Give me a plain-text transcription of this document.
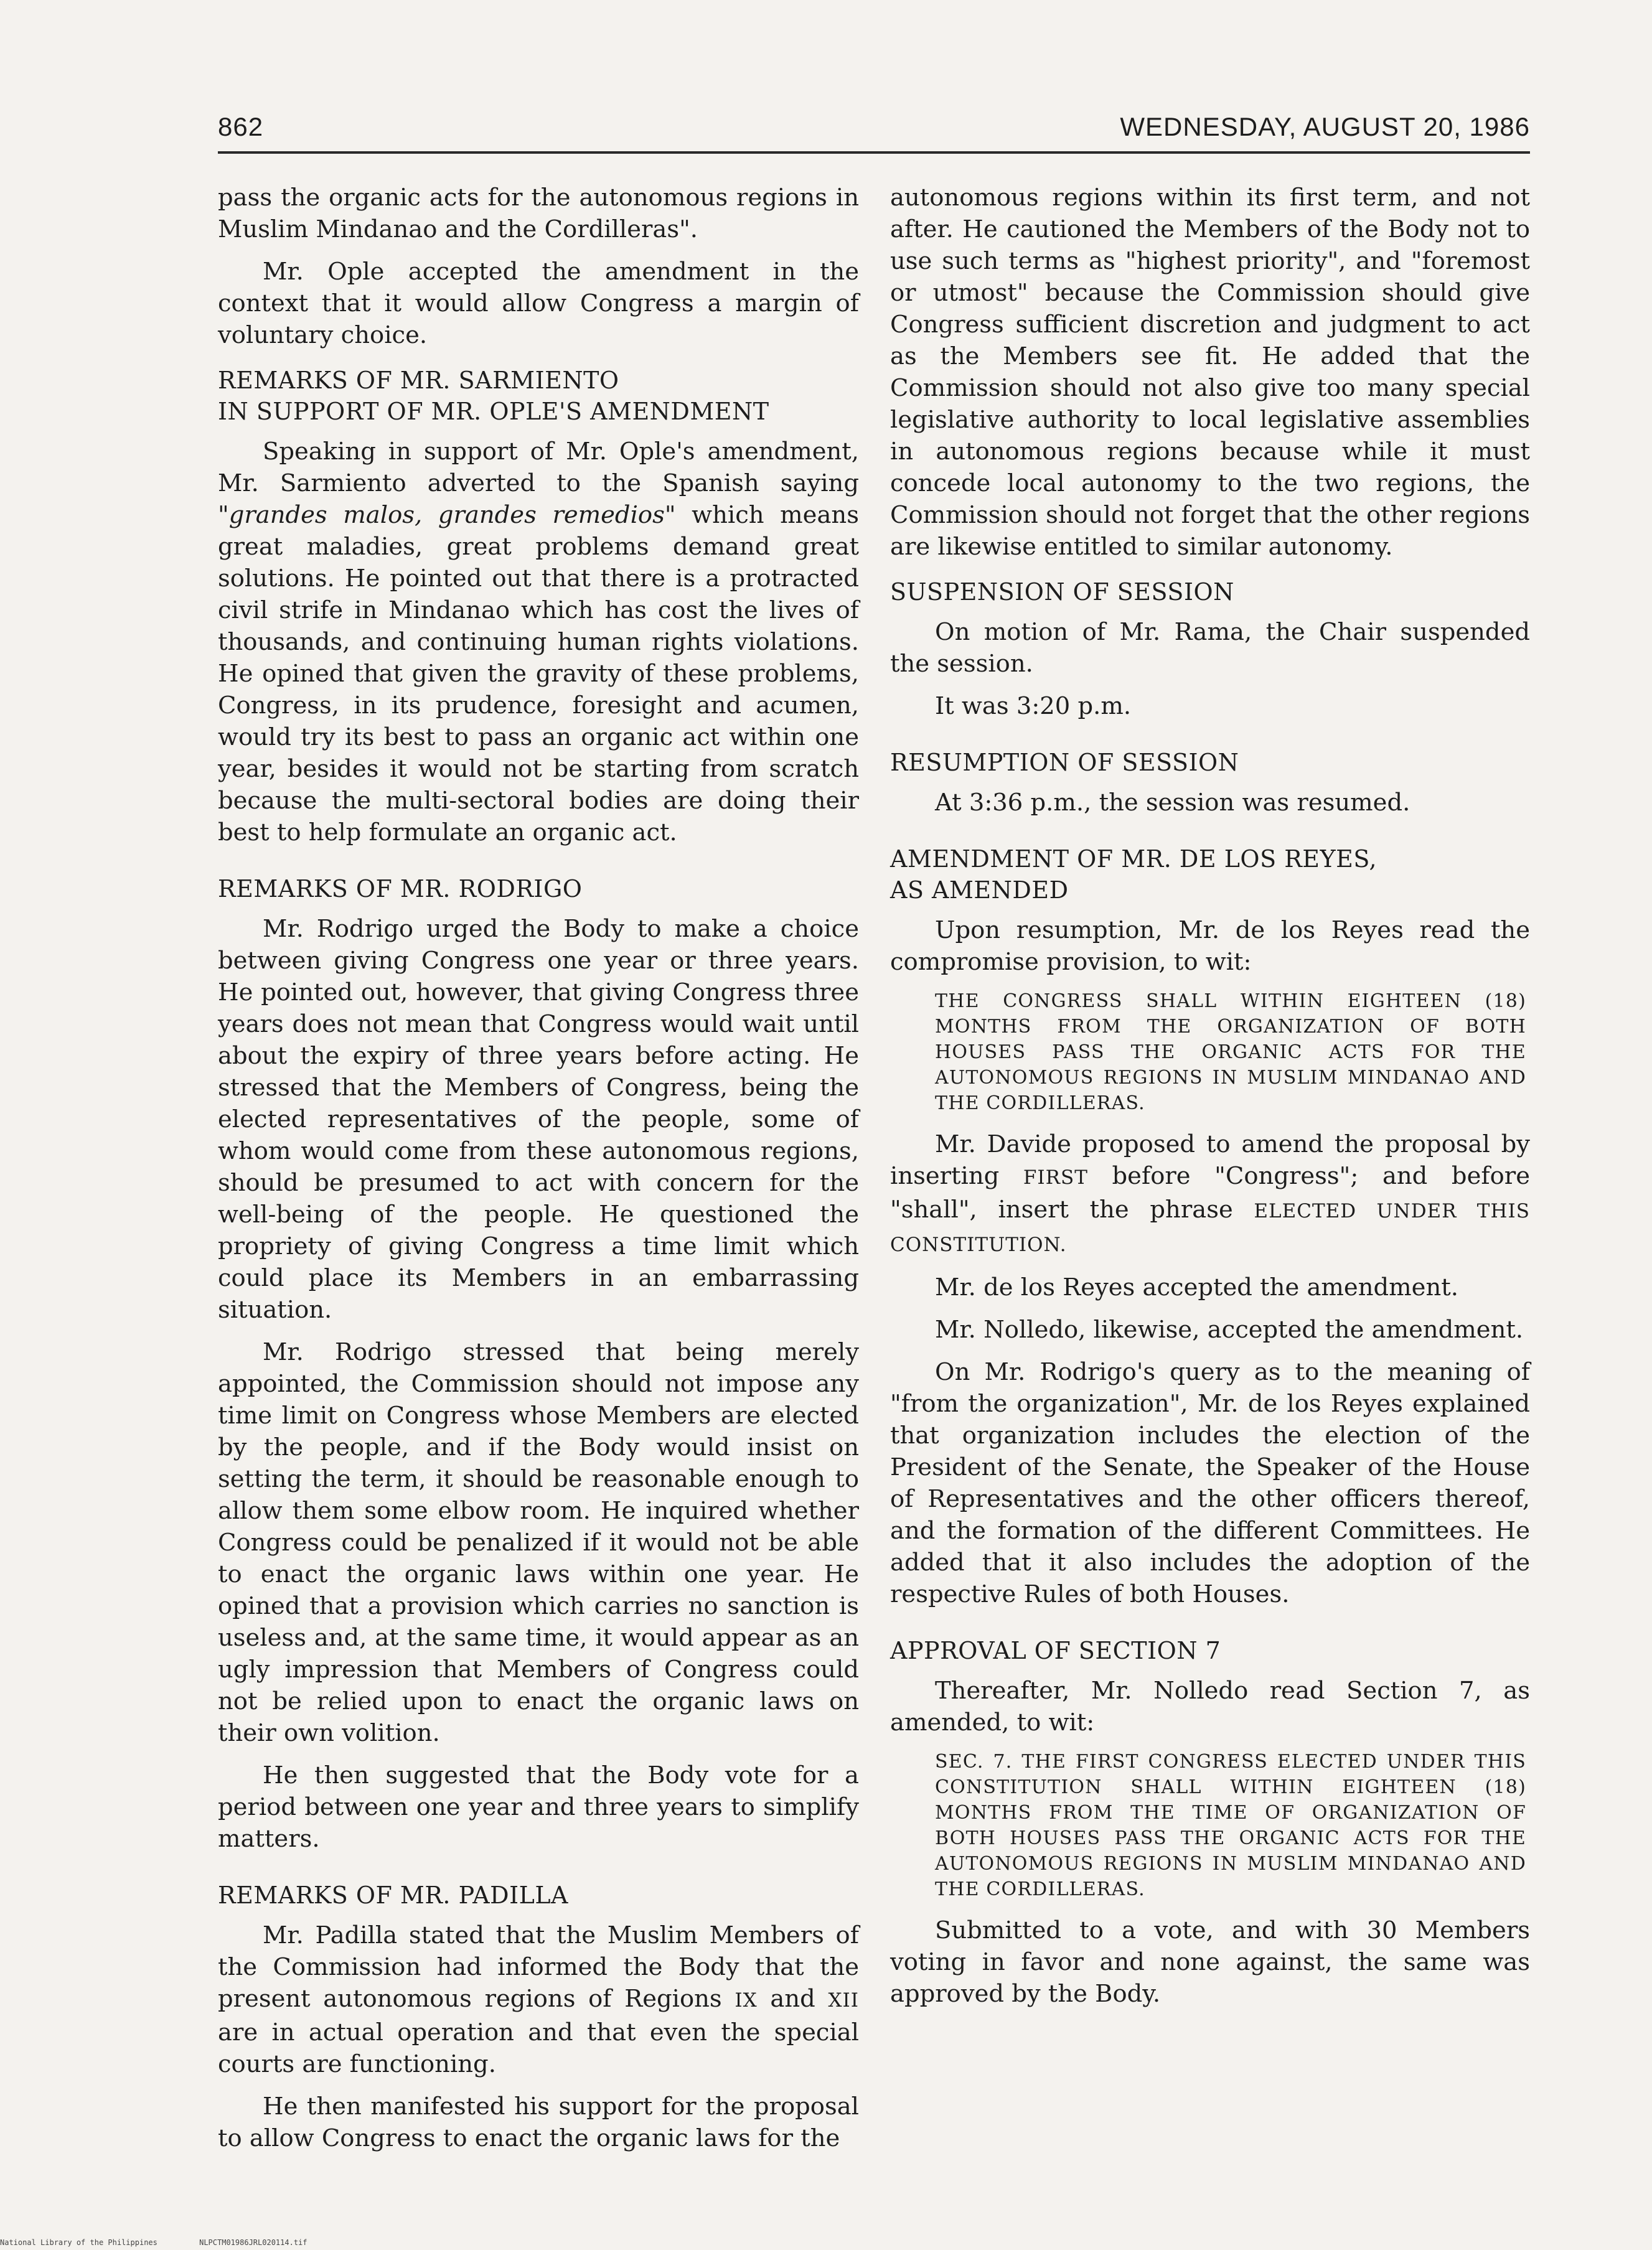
862	WEDNESDAY, AUGUST 20, 1986

pass the organic acts for the autonomous regions in Muslim Mindanao and the Cordilleras".

Mr. Ople accepted the amendment in the context that it would allow Congress a margin of voluntary choice.

REMARKS OF MR. SARMIENTO
IN SUPPORT OF MR. OPLE'S AMENDMENT

Speaking in support of Mr. Ople's amendment, Mr. Sarmiento adverted to the Spanish saying "grandes malos, grandes remedios" which means great maladies, great problems demand great solutions. He pointed out that there is a protracted civil strife in Mindanao which has cost the lives of thousands, and continuing human rights violations. He opined that given the gravity of these problems, Congress, in its prudence, foresight and acumen, would try its best to pass an organic act within one year, besides it would not be starting from scratch because the multi-sectoral bodies are doing their best to help formulate an organic act.

REMARKS OF MR. RODRIGO

Mr. Rodrigo urged the Body to make a choice between giving Congress one year or three years. He pointed out, however, that giving Congress three years does not mean that Congress would wait until about the expiry of three years before acting. He stressed that the Members of Congress, being the elected representatives of the people, some of whom would come from these autonomous regions, should be presumed to act with concern for the well-being of the people. He questioned the propriety of giving Congress a time limit which could place its Members in an embarrassing situation.

Mr. Rodrigo stressed that being merely appointed, the Commission should not impose any time limit on Congress whose Members are elected by the people, and if the Body would insist on setting the term, it should be reasonable enough to allow them some elbow room. He inquired whether Congress could be penalized if it would not be able to enact the organic laws within one year. He opined that a provision which carries no sanction is useless and, at the same time, it would appear as an ugly impression that Members of Congress could not be relied upon to enact the organic laws on their own volition.

He then suggested that the Body vote for a period between one year and three years to simplify matters.

REMARKS OF MR. PADILLA

Mr. Padilla stated that the Muslim Members of the Commission had informed the Body that the present autonomous regions of Regions IX and XII are in actual operation and that even the special courts are functioning.

He then manifested his support for the proposal to allow Congress to enact the organic laws for the

autonomous regions within its first term, and not after. He cautioned the Members of the Body not to use such terms as "highest priority", and "foremost or utmost" because the Commission should give Congress sufficient discretion and judgment to act as the Members see fit. He added that the Commission should not also give too many special legislative authority to local legislative assemblies in autonomous regions because while it must concede local autonomy to the two regions, the Commission should not forget that the other regions are likewise entitled to similar autonomy.

SUSPENSION OF SESSION

On motion of Mr. Rama, the Chair suspended the session.

It was 3:20 p.m.

RESUMPTION OF SESSION

At 3:36 p.m., the session was resumed.

AMENDMENT OF MR. DE LOS REYES,
AS AMENDED

Upon resumption, Mr. de los Reyes read the compromise provision, to wit:

THE CONGRESS SHALL WITHIN EIGHTEEN (18) MONTHS FROM THE ORGANIZATION OF BOTH HOUSES PASS THE ORGANIC ACTS FOR THE AUTONOMOUS REGIONS IN MUSLIM MINDANAO AND THE CORDILLERAS.

Mr. Davide proposed to amend the proposal by inserting FIRST before "Congress"; and before "shall", insert the phrase ELECTED UNDER THIS CONSTITUTION.

Mr. de los Reyes accepted the amendment.

Mr. Nolledo, likewise, accepted the amendment.

On Mr. Rodrigo's query as to the meaning of "from the organization", Mr. de los Reyes explained that organization includes the election of the President of the Senate, the Speaker of the House of Representatives and the other officers thereof, and the formation of the different Committees. He added that it also includes the adoption of the respective Rules of both Houses.

APPROVAL OF SECTION 7

Thereafter, Mr. Nolledo read Section 7, as amended, to wit:

SEC. 7. THE FIRST CONGRESS ELECTED UNDER THIS CONSTITUTION SHALL WITHIN EIGHTEEN (18) MONTHS FROM THE TIME OF ORGANIZATION OF BOTH HOUSES PASS THE ORGANIC ACTS FOR THE AUTONOMOUS REGIONS IN MUSLIM MINDANAO AND THE CORDILLERAS.

Submitted to a vote, and with 30 Members voting in favor and none against, the same was approved by the Body.

National Library of the Philippines	NLPCTM01986JRL020114.tif
